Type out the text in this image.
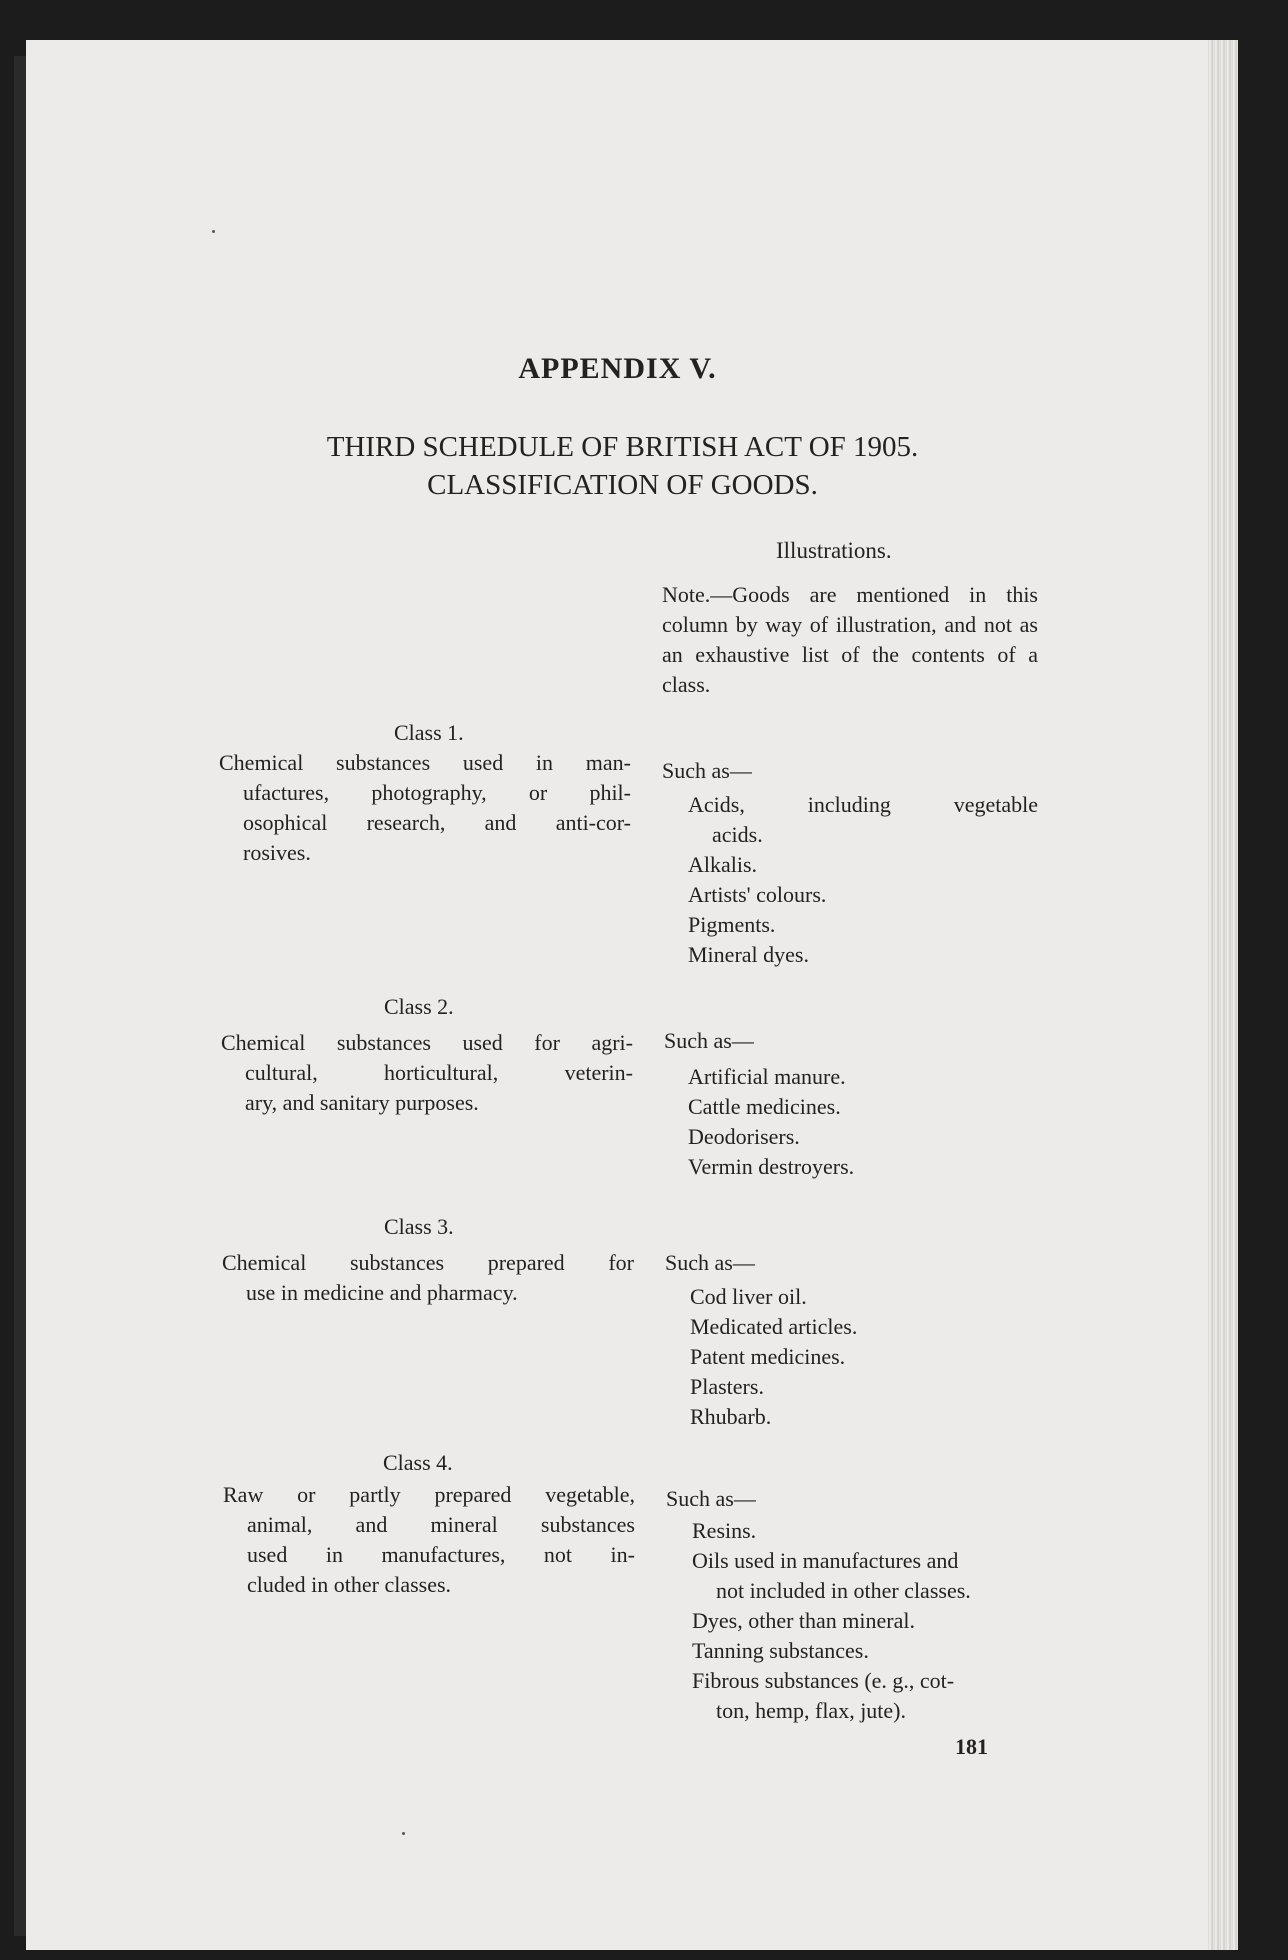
APPENDIX V.
THIRD SCHEDULE OF BRITISH ACT OF 1905.
CLASSIFICATION OF GOODS.
Illustrations.
Note.—Goods are mentioned in this column by way of illustration, and not as an exhaustive list of the contents of a class.
Class 1.
Chemical substances used in man-
ufactures, photography, or phil-
osophical research, and anti-cor-
rosives.
Such as—
Acids, including vegetable
acids.
Alkalis.
Artists' colours.
Pigments.
Mineral dyes.
Class 2.
Chemical substances used for agri-
cultural, horticultural, veterin-
ary, and sanitary purposes.
Such as—
Artificial manure.
Cattle medicines.
Deodorisers.
Vermin destroyers.
Class 3.
Chemical substances prepared for
use in medicine and pharmacy.
Such as—
Cod liver oil.
Medicated articles.
Patent medicines.
Plasters.
Rhubarb.
Class 4.
Raw or partly prepared vegetable,
animal, and mineral substances
used in manufactures, not in-
cluded in other classes.
Such as—
Resins.
Oils used in manufactures and
not included in other classes.
Dyes, other than mineral.
Tanning substances.
Fibrous substances (e. g., cot-
ton, hemp, flax, jute).
181
